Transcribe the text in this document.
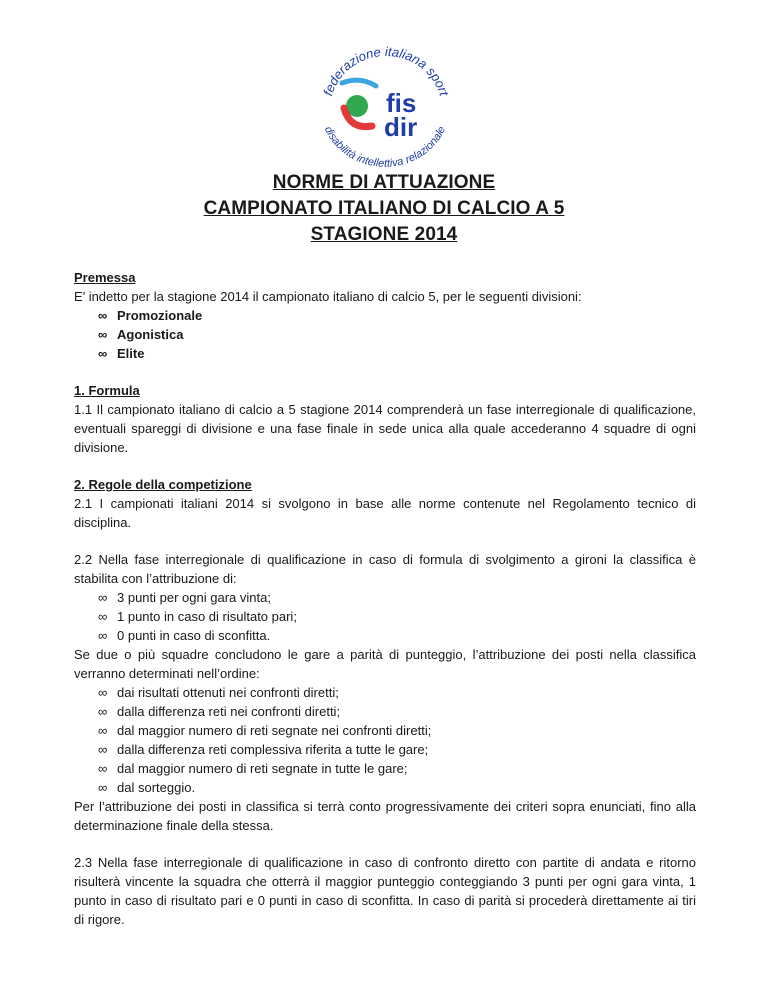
federazione italiana sport
disabilità intellettiva relazionale
fis
dir
NORME DI ATTUAZIONE
CAMPIONATO ITALIANO DI CALCIO A 5
STAGIONE 2014
Premessa
E’ indetto per la stagione 2014 il campionato italiano di calcio 5, per le seguenti divisioni:
∞ Promozionale
∞ Agonistica
∞ Elite
1. Formula
1.1 Il campionato italiano di calcio a 5 stagione 2014 comprenderà un fase interregionale di qualificazione, eventuali spareggi di divisione e una fase finale in sede unica alla quale accederanno 4 squadre di ogni divisione.
2. Regole della competizione
2.1 I campionati italiani 2014 si svolgono in base alle norme contenute nel Regolamento tecnico di disciplina.
2.2 Nella fase interregionale di qualificazione in caso di formula di svolgimento a gironi la classifica è stabilita con l’attribuzione di:
∞ 3 punti per ogni gara vinta;
∞ 1 punto in caso di risultato pari;
∞ 0 punti in caso di sconfitta.
Se due o più squadre concludono le gare a parità di punteggio, l’attribuzione dei posti nella classifica verranno determinati nell’ordine:
∞ dai risultati ottenuti nei confronti diretti;
∞ dalla differenza reti nei confronti diretti;
∞ dal maggior numero di reti segnate nei confronti diretti;
∞ dalla differenza reti complessiva riferita a tutte le gare;
∞ dal maggior numero di reti segnate in tutte le gare;
∞ dal sorteggio.
Per l’attribuzione dei posti in classifica si terrà conto progressivamente dei criteri sopra enunciati, fino alla determinazione finale della stessa.
2.3 Nella fase interregionale di qualificazione in caso di confronto diretto con partite di andata e ritorno risulterà vincente la squadra che otterrà il maggior punteggio conteggiando 3 punti per ogni gara vinta, 1 punto in caso di risultato pari e 0 punti in caso di sconfitta. In caso di parità si procederà direttamente ai tiri di rigore.
